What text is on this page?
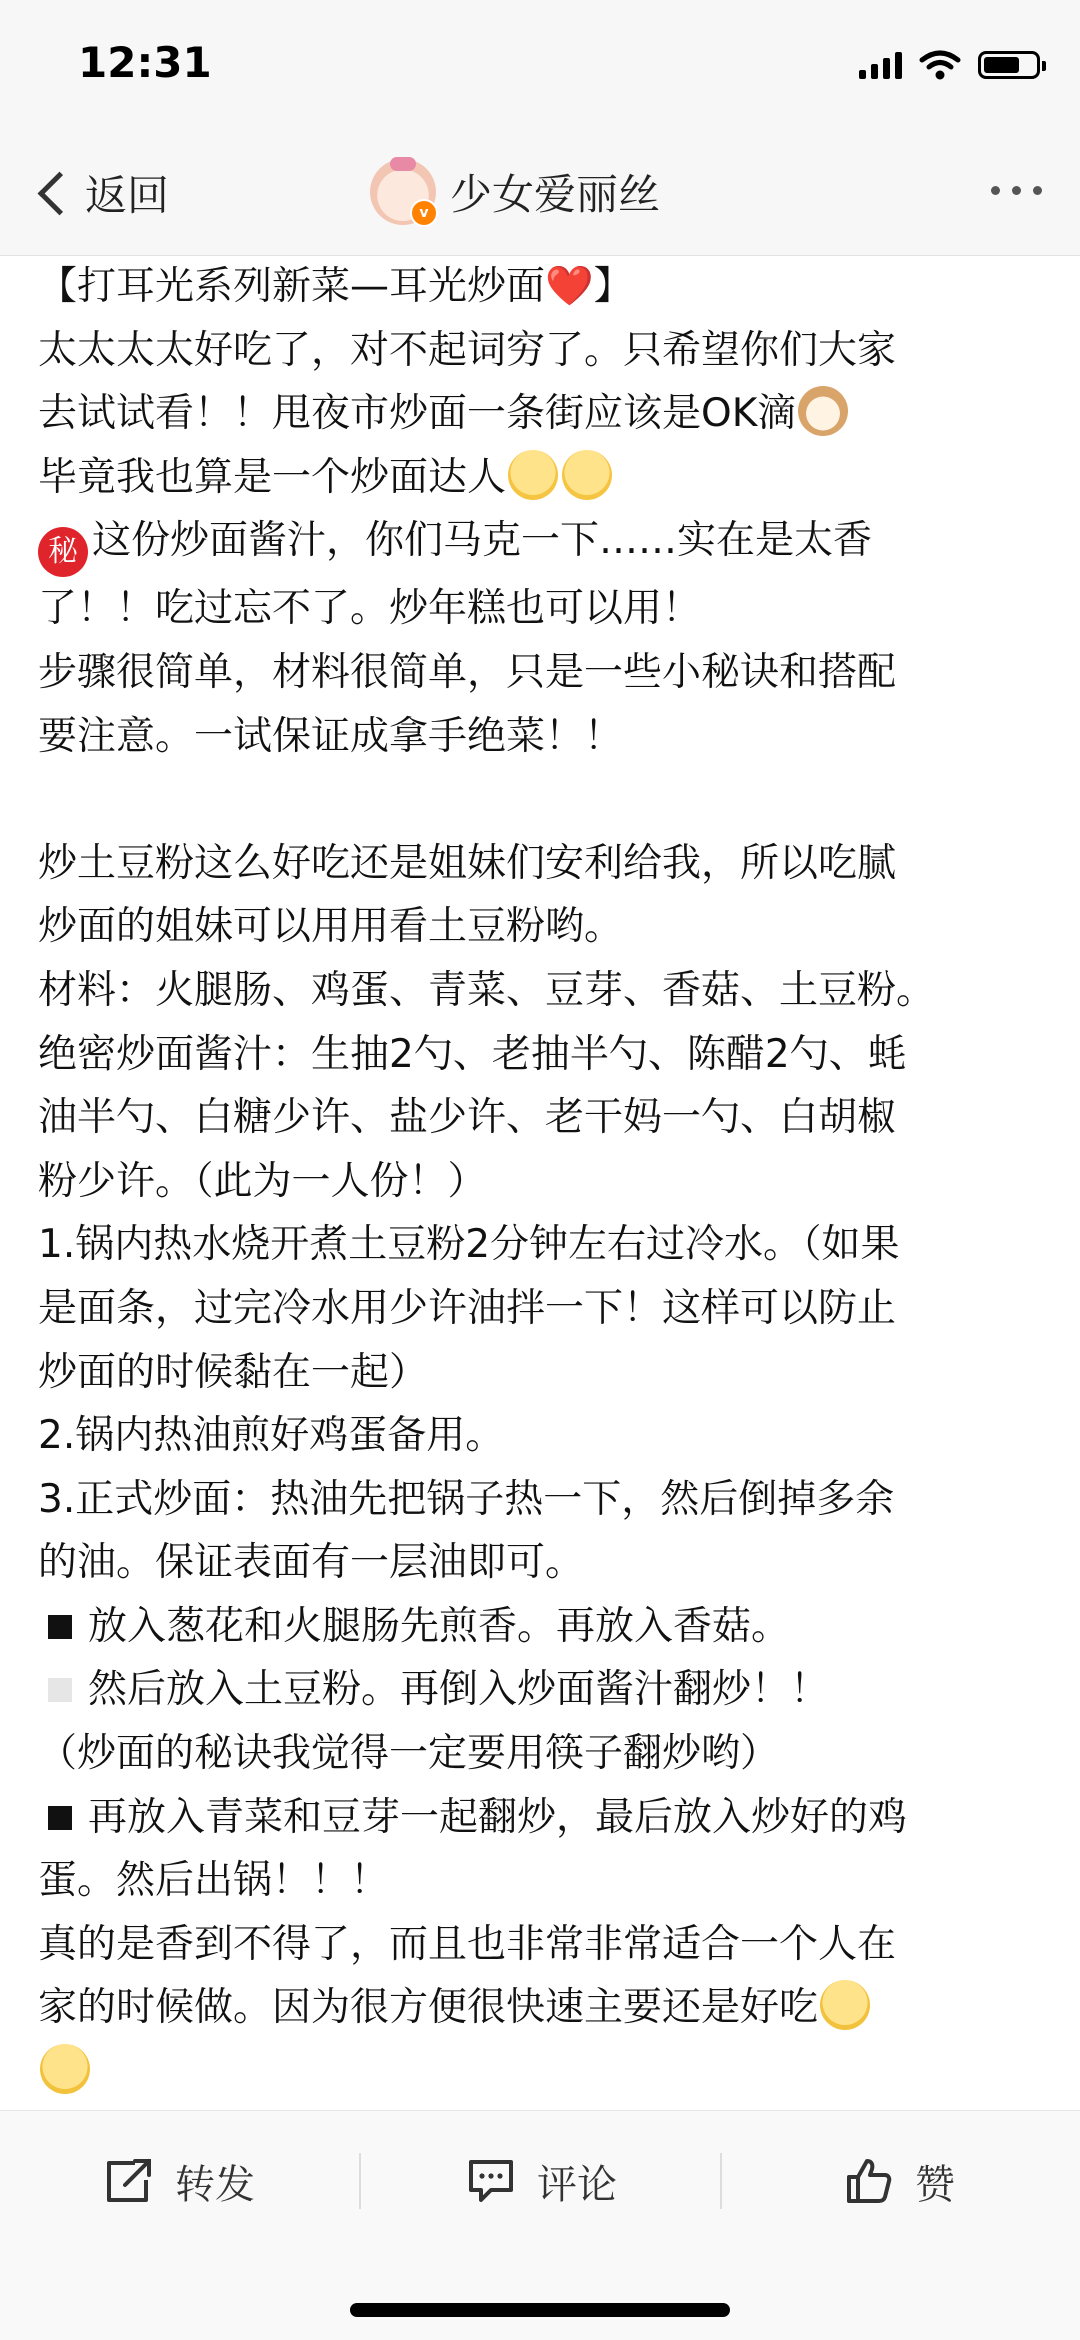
12:31
返回	v 少女爱丽丝

【打耳光系列新菜—耳光炒面❤️】

太太太太好吃了，对不起词穷了。只希望你们大家

去试试看！！甩夜市炒面一条街应该是OK滴

毕竟我也算是一个炒面达人

秘 这份炒面酱汁，你们马克一下……实在是太香

了！！吃过忘不了。炒年糕也可以用！

步骤很简单，材料很简单，只是一些小秘诀和搭配

要注意。一试保证成拿手绝菜！！

炒土豆粉这么好吃还是姐妹们安利给我，所以吃腻

炒面的姐妹可以用用看土豆粉哟。

材料：火腿肠、鸡蛋、青菜、豆芽、香菇、土豆粉。

绝密炒面酱汁：生抽2勺、老抽半勺、陈醋2勺、蚝

油半勺、白糖少许、盐少许、老干妈一勺、白胡椒

粉少许。（此为一人份！）

1.锅内热水烧开煮土豆粉2分钟左右过冷水。（如果

是面条，过完冷水用少许油拌一下！这样可以防止

炒面的时候黏在一起）

2.锅内热油煎好鸡蛋备用。

3.正式炒面：热油先把锅子热一下，然后倒掉多余

的油。保证表面有一层油即可。

放入葱花和火腿肠先煎香。再放入香菇。

然后放入土豆粉。再倒入炒面酱汁翻炒！！

（炒面的秘诀我觉得一定要用筷子翻炒哟）

再放入青菜和豆芽一起翻炒，最后放入炒好的鸡

蛋。然后出锅！！！

真的是香到不得了，而且也非常非常适合一个人在

家的时候做。因为很方便很快速主要还是好吃

转发	评论	赞
